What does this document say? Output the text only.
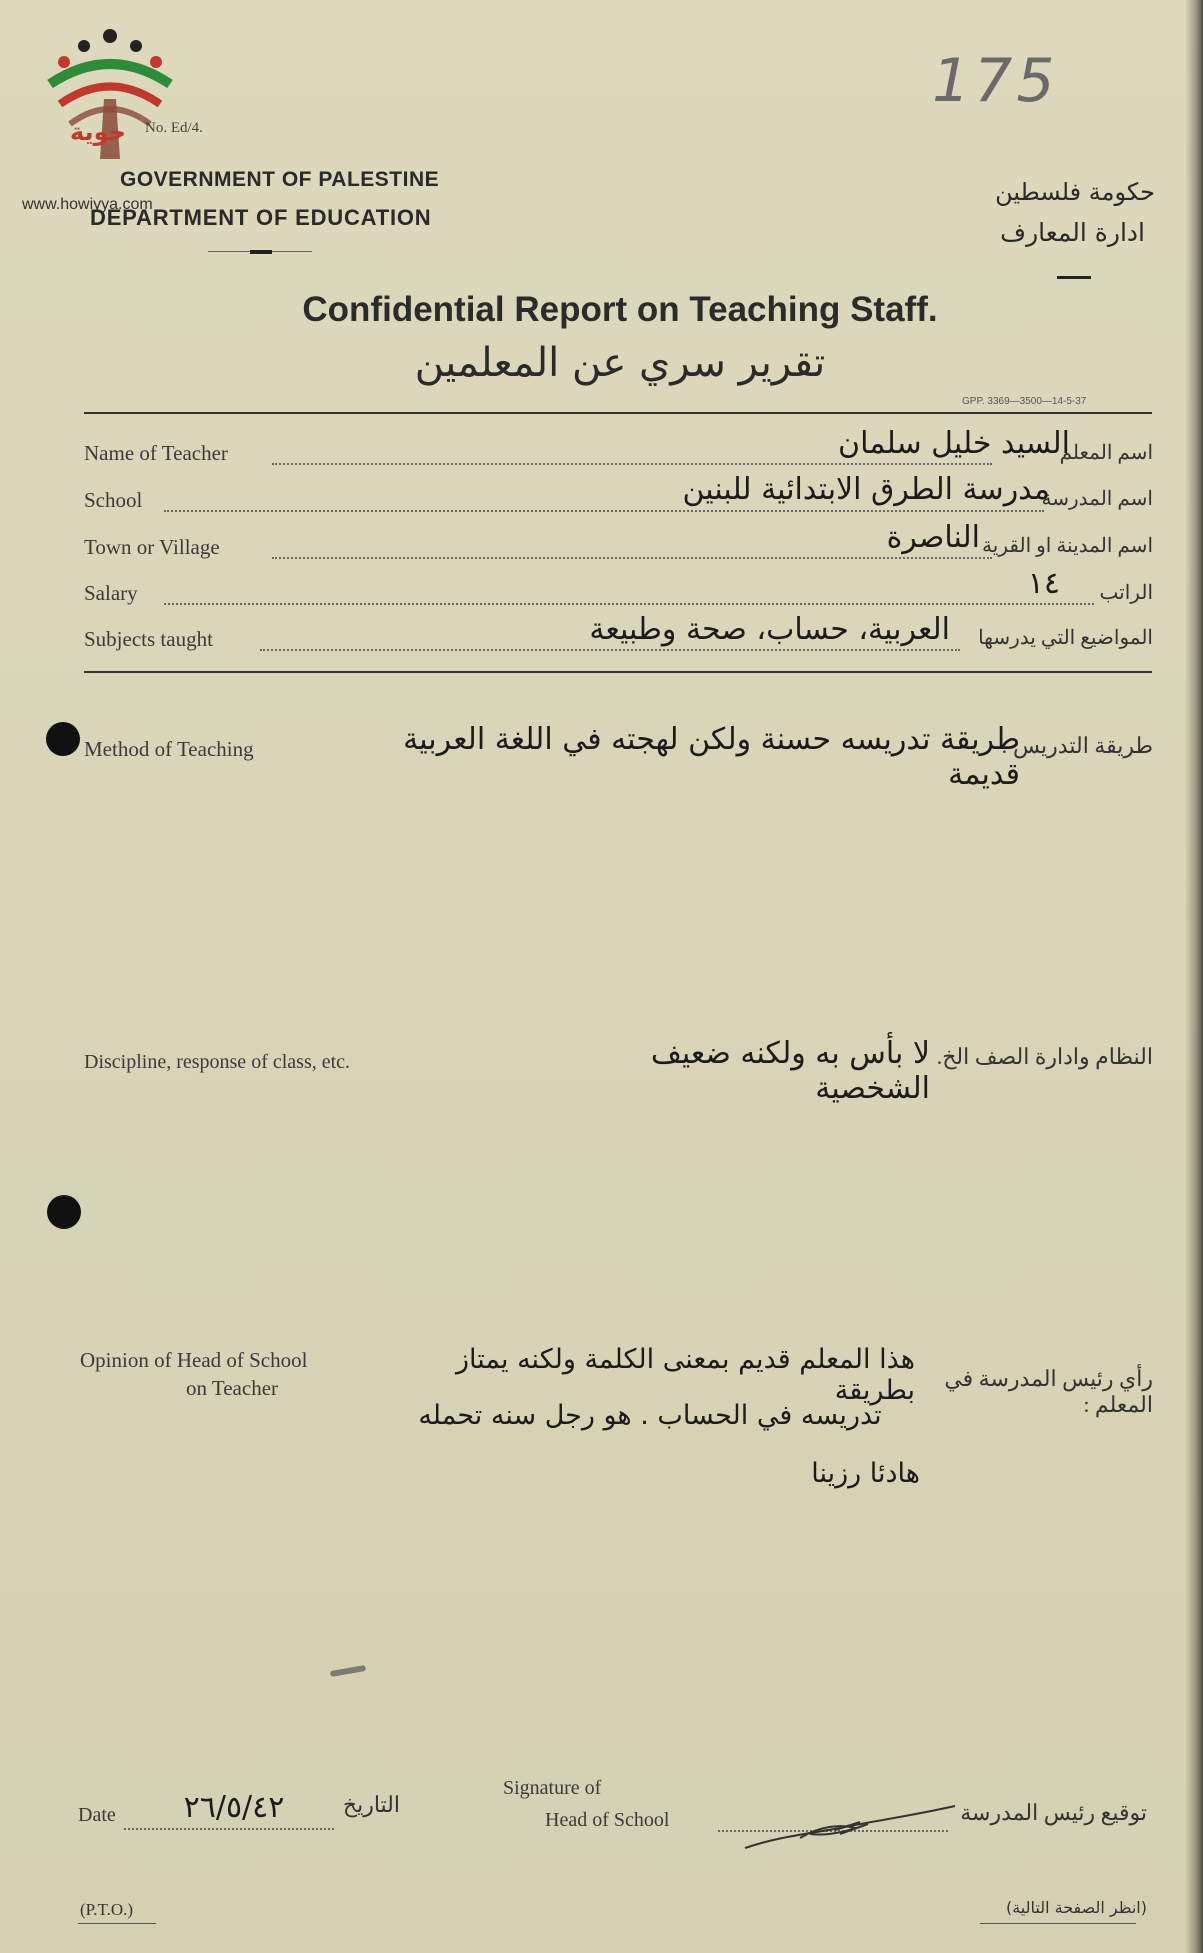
حوية
www.howiyya.com
No. Ed/4.
GOVERNMENT OF PALESTINE
DEPARTMENT OF EDUCATION
حكومة فلسطين
ادارة المعارف
175
Confidential Report on Teaching Staff.
تقرير سري عن المعلمين
GPP. 3369—3500—14-5-37
Name of Teacher	اسم المعلم
السيد خليل سلمان
School	اسم المدرسة
مدرسة الطرق الابتدائية للبنين
Town or Village	اسم المدينة او القرية
الناصرة
Salary	الراتب
١٤
Subjects taught	المواضيع التي يدرسها
العربية، حساب، صحة وطبيعة
Method of Teaching	طريقة التدريس :
طريقة تدريسه حسنة ولكن لهجته في اللغة العربية قديمة
Discipline, response of class, etc.	النظام وادارة الصف الخ.
لا بأس به ولكنه ضعيف الشخصية
Opinion of Head of School
on Teacher	رأي رئيس المدرسة في المعلم :
هذا المعلم قديم بمعنى الكلمة ولكنه يمتاز بطريقة
تدريسه في الحساب . هو رجل سنه تحمله
هادئا رزينا
Date	٢٦/٥/٤٢	التاريخ
Signature of
Head of School	توقيع رئيس المدرسة
(P.T.O.)	(انظر الصفحة التالية)
